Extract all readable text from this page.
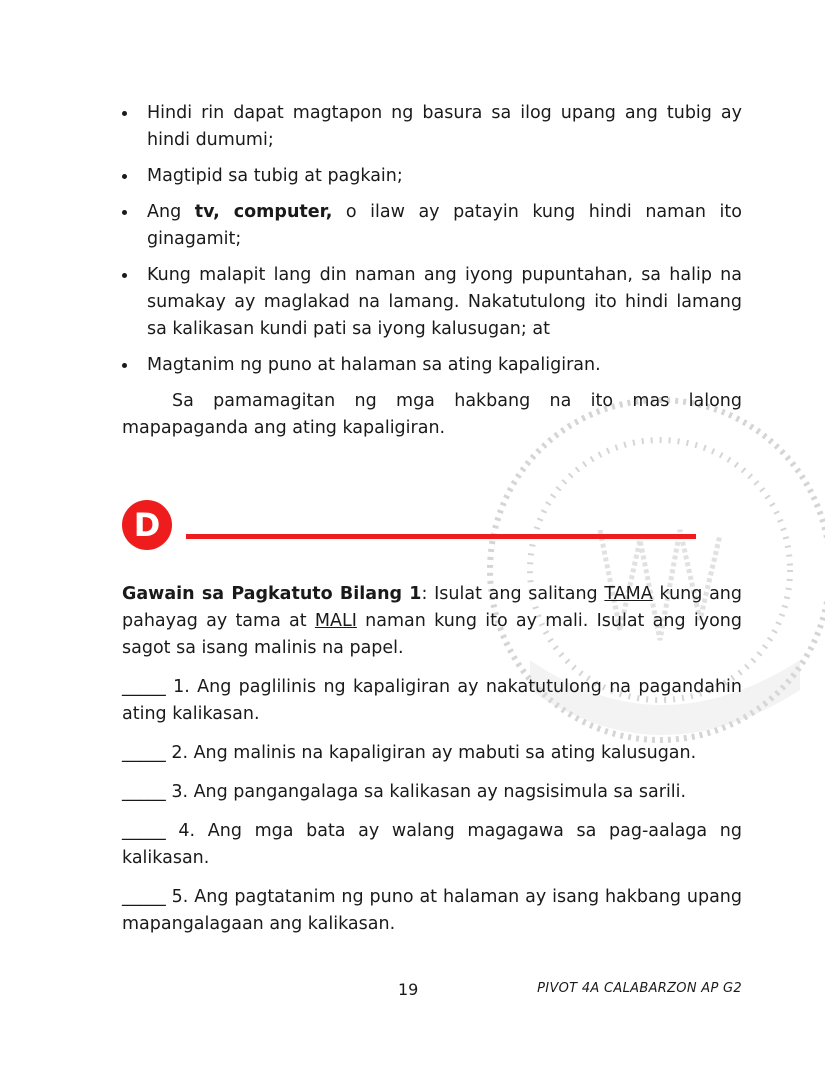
Hindi rin dapat magtapon ng basura sa ilog upang ang tubig ay hindi dumumi;
Magtipid sa tubig at pagkain;
Ang tv, computer, o ilaw ay patayin kung hindi naman ito ginagamit;
Kung malapit lang din naman ang iyong pupuntahan, sa halip na sumakay ay maglakad na lamang. Nakatutulong ito hindi lamang sa kalikasan kundi pati sa iyong kalusugan; at
Magtanim ng puno at halaman sa ating kapaligiran.

Sa pamamagitan ng mga hakbang na ito mas lalong mapapaganda ang ating kapaligiran.

D

Gawain sa Pagkatuto Bilang 1: Isulat ang salitang TAMA kung ang pahayag ay tama at MALI naman kung ito ay mali. Isulat ang iyong sagot sa isang malinis na papel.

_____ 1. Ang paglilinis ng kapaligiran ay nakatutulong na pagandahin ating kalikasan.

_____ 2. Ang malinis na kapaligiran ay mabuti sa ating kalusugan.

_____ 3. Ang pangangalaga sa kalikasan ay nagsisimula sa sarili.

_____ 4. Ang mga bata ay walang magagawa sa pag-aalaga ng kalikasan.

_____ 5. Ang pagtatanim ng puno at halaman ay isang hakbang upang mapangalagaan ang kalikasan.

19	PIVOT 4A CALABARZON AP G2
